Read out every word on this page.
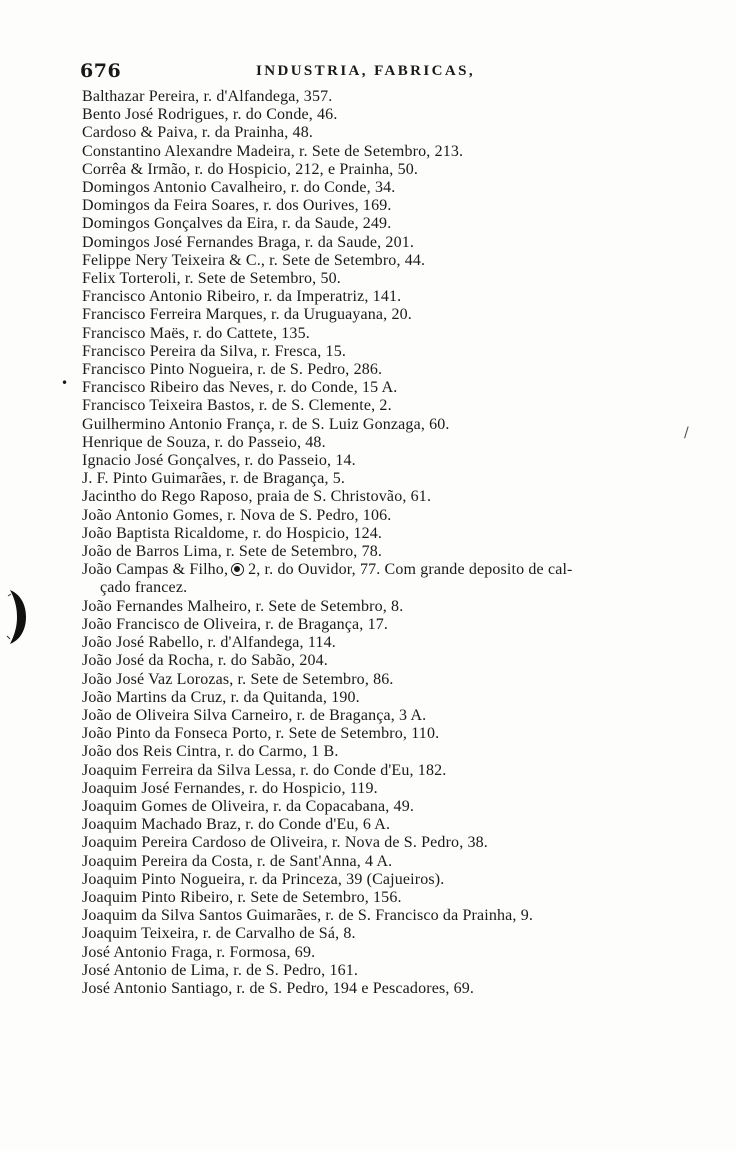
676	INDUSTRIA, FABRICAS,
•
/
Balthazar Pereira, r. d'Alfandega, 357.
Bento José Rodrigues, r. do Conde, 46.
Cardoso & Paiva, r. da Prainha, 48.
Constantino Alexandre Madeira, r. Sete de Setembro, 213.
Corrêa & Irmão, r. do Hospicio, 212, e Prainha, 50.
Domingos Antonio Cavalheiro, r. do Conde, 34.
Domingos da Feira Soares, r. dos Ourives, 169.
Domingos Gonçalves da Eira, r. da Saude, 249.
Domingos José Fernandes Braga, r. da Saude, 201.
Felippe Nery Teixeira & C., r. Sete de Setembro, 44.
Felix Torteroli, r. Sete de Setembro, 50.
Francisco Antonio Ribeiro, r. da Imperatriz, 141.
Francisco Ferreira Marques, r. da Uruguayana, 20.
Francisco Maës, r. do Cattete, 135.
Francisco Pereira da Silva, r. Fresca, 15.
Francisco Pinto Nogueira, r. de S. Pedro, 286.
Francisco Ribeiro das Neves, r. do Conde, 15 A.
Francisco Teixeira Bastos, r. de S. Clemente, 2.
Guilhermino Antonio França, r. de S. Luiz Gonzaga, 60.
Henrique de Souza, r. do Passeio, 48.
Ignacio José Gonçalves, r. do Passeio, 14.
J. F. Pinto Guimarães, r. de Bragança, 5.
Jacintho do Rego Raposo, praia de S. Christovão, 61.
João Antonio Gomes, r. Nova de S. Pedro, 106.
João Baptista Ricaldome, r. do Hospicio, 124.
João de Barros Lima, r. Sete de Setembro, 78.
João Campas & Filho, 2, r. do Ouvidor, 77. Com grande deposito de cal-
çado francez.
João Fernandes Malheiro, r. Sete de Setembro, 8.
João Francisco de Oliveira, r. de Bragança, 17.
João José Rabello, r. d'Alfandega, 114.
João José da Rocha, r. do Sabão, 204.
João José Vaz Lorozas, r. Sete de Setembro, 86.
João Martins da Cruz, r. da Quitanda, 190.
João de Oliveira Silva Carneiro, r. de Bragança, 3 A.
João Pinto da Fonseca Porto, r. Sete de Setembro, 110.
João dos Reis Cintra, r. do Carmo, 1 B.
Joaquim Ferreira da Silva Lessa, r. do Conde d'Eu, 182.
Joaquim José Fernandes, r. do Hospicio, 119.
Joaquim Gomes de Oliveira, r. da Copacabana, 49.
Joaquim Machado Braz, r. do Conde d'Eu, 6 A.
Joaquim Pereira Cardoso de Oliveira, r. Nova de S. Pedro, 38.
Joaquim Pereira da Costa, r. de Sant'Anna, 4 A.
Joaquim Pinto Nogueira, r. da Princeza, 39 (Cajueiros).
Joaquim Pinto Ribeiro, r. Sete de Setembro, 156.
Joaquim da Silva Santos Guimarães, r. de S. Francisco da Prainha, 9.
Joaquim Teixeira, r. de Carvalho de Sá, 8.
José Antonio Fraga, r. Formosa, 69.
José Antonio de Lima, r. de S. Pedro, 161.
José Antonio Santiago, r. de S. Pedro, 194 e Pescadores, 69.
